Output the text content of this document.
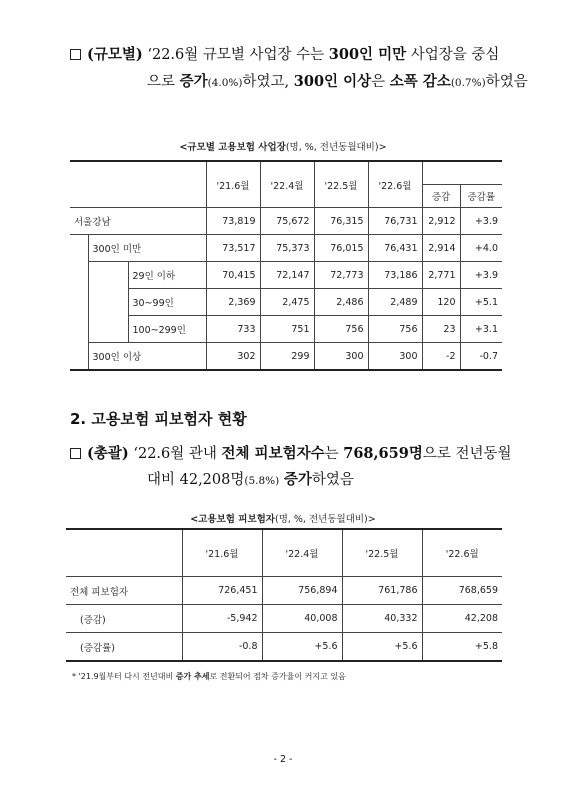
(규모별) ‘22.6월 규모별 사업장 수는 300인 미만 사업장을 중심
으로 증가(4.0%)하였고, 300인 이상은 소폭 감소(0.7%)하였음
<규모별 고용보험 사업장(명, %, 전년동월대비)>
			'21.6월	'22.4월	'22.5월	'22.6월		
							증감	증감률
서울강남			73,819	75,672	76,315	76,731	2,912	+3.9
	300인 미만		73,517	75,373	76,015	76,431	2,914	+4.0
		29인 이하	70,415	72,147	72,773	73,186	2,771	+3.9
		30~99인	2,369	2,475	2,486	2,489	120	+5.1
		100~299인	733	751	756	756	23	+3.1
	300인 이상		302	299	300	300	-2	-0.7
2. 고용보험 피보험자 현황
(총괄) ‘22.6월 관내 전체 피보험자수는 768,659명으로 전년동월
대비 42,208명(5.8%) 증가하였음
<고용보험 피보험자(명, %, 전년동월대비)>
	'21.6월	'22.4월	'22.5월	'22.6월
전체 피보험자	726,451	756,894	761,786	768,659
(증감)	-5,942	40,008	40,332	42,208
(증감률)	-0.8	+5.6	+5.6	+5.8
* '21.9월부터 다시 전년대비 증가 추세로 전환되어 점차 증가율이 커지고 있음
- 2 -
